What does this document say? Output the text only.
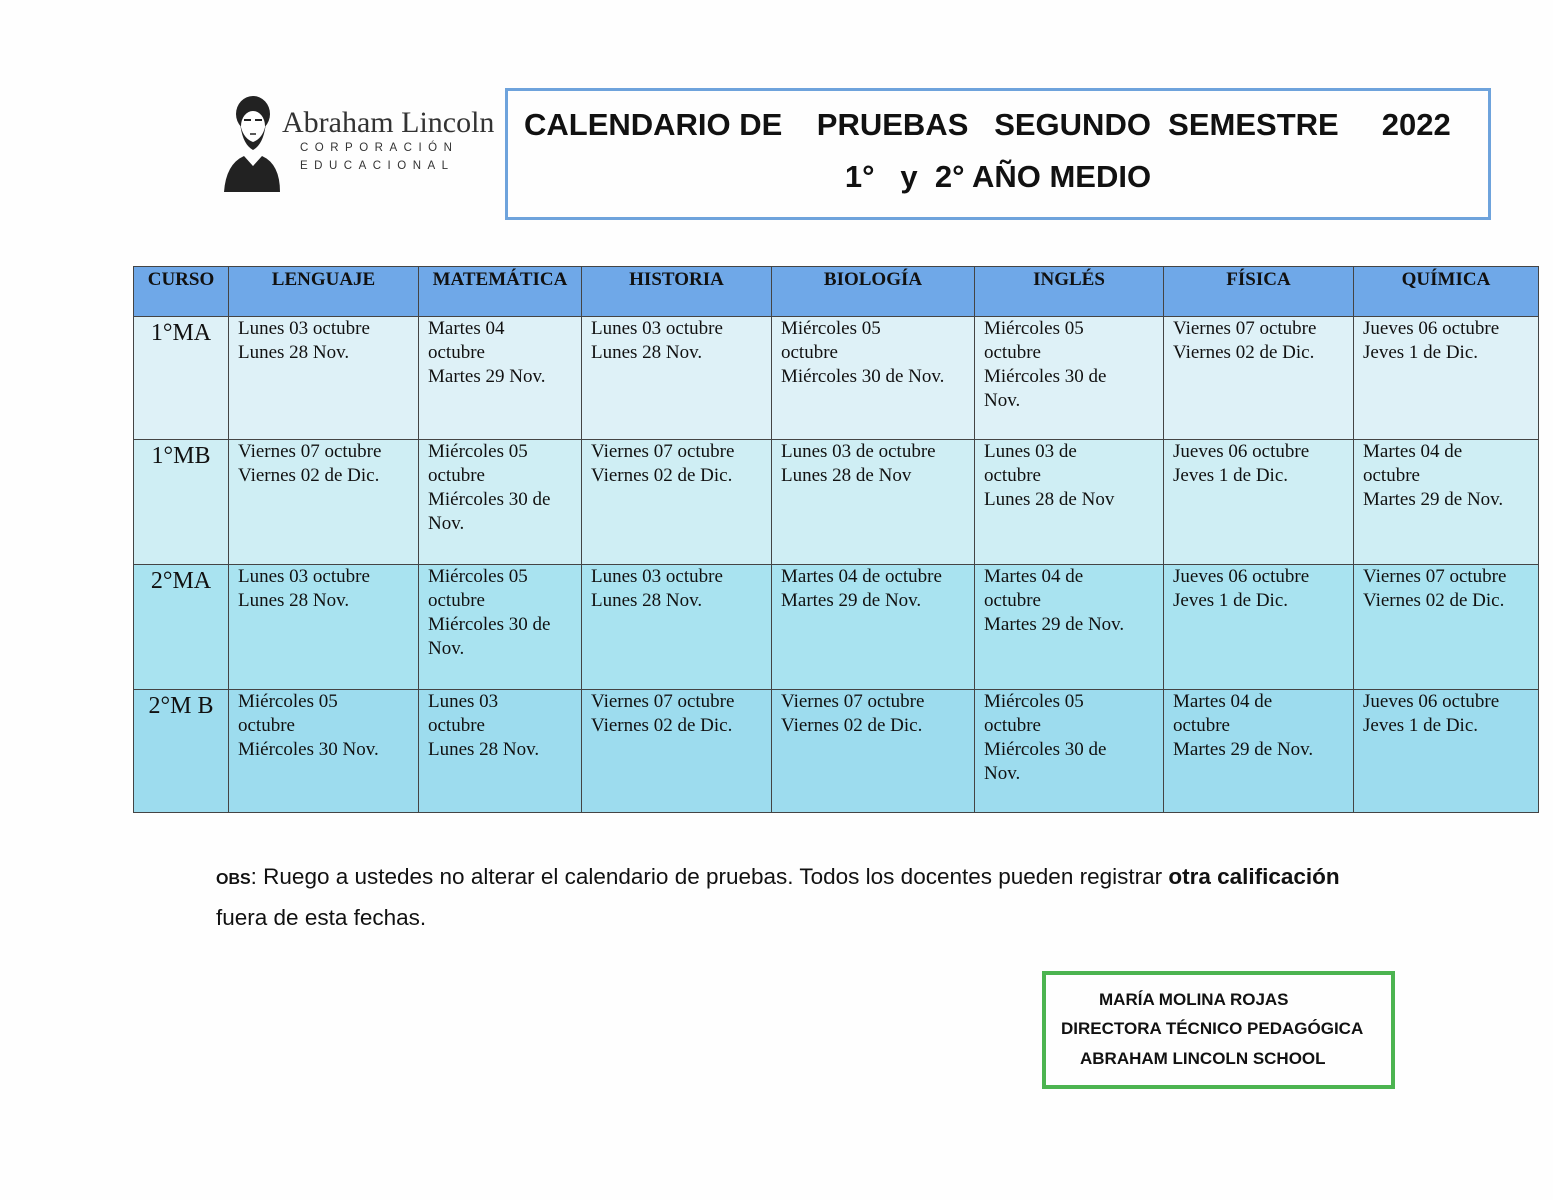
Abraham Lincoln
CORPORACIÓN
EDUCACIONAL
CALENDARIO DE    PRUEBAS   SEGUNDO  SEMESTRE     2022
1°   y  2° AÑO MEDIO
CURSO	LENGUAJE	MATEMÁTICA	HISTORIA	BIOLOGÍA	INGLÉS	FÍSICA	QUÍMICA
1°MA	Lunes 03 octubre
Lunes 28 Nov.	Martes 04
octubre
Martes 29 Nov.	Lunes 03 octubre
Lunes 28 Nov.	Miércoles 05
octubre
Miércoles 30 de Nov.	Miércoles 05
octubre
Miércoles 30 de
Nov.	Viernes 07 octubre
Viernes 02 de Dic.	Jueves 06 octubre
Jeves 1 de Dic.
1°MB	Viernes 07 octubre
Viernes 02 de Dic.	Miércoles 05
octubre
Miércoles 30 de
Nov.	Viernes 07 octubre
Viernes 02 de Dic.	Lunes 03 de octubre
Lunes 28 de Nov	Lunes 03 de
octubre
Lunes 28 de Nov	Jueves 06 octubre
Jeves 1 de Dic.	Martes 04 de
octubre
Martes 29 de Nov.
2°MA	Lunes 03 octubre
Lunes 28 Nov.	Miércoles 05
octubre
Miércoles 30 de
Nov.	Lunes 03 octubre
Lunes 28 Nov.	Martes 04 de octubre
Martes 29 de Nov.	Martes 04 de
octubre
Martes 29 de Nov.	Jueves 06 octubre
Jeves 1 de Dic.	Viernes 07 octubre
Viernes 02 de Dic.
2°M B	Miércoles 05
octubre
Miércoles 30 Nov.	Lunes 03
octubre
Lunes 28 Nov.	Viernes 07 octubre
Viernes 02 de Dic.	Viernes 07 octubre
Viernes 02 de Dic.	Miércoles 05
octubre
Miércoles 30 de
Nov.	Martes 04 de
octubre
Martes 29 de Nov.	Jueves 06 octubre
Jeves 1 de Dic.
OBS: Ruego a ustedes no alterar el calendario de pruebas. Todos los docentes pueden registrar otra calificación
fuera de esta fechas.
MARÍA MOLINA ROJAS
DIRECTORA TÉCNICO PEDAGÓGICA
ABRAHAM LINCOLN SCHOOL
